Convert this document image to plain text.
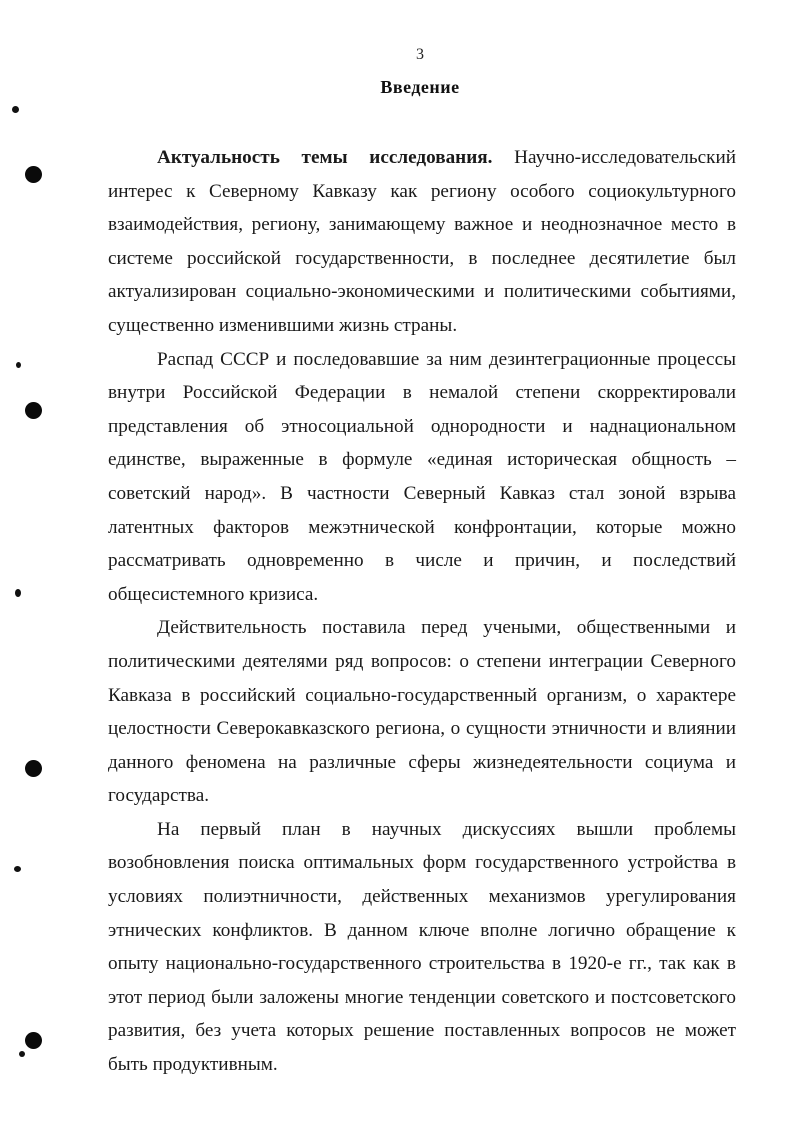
3
Введение

Актуальность темы исследования. Научно-исследовательский интерес к Северному Кавказу как региону особого социокультурного взаимодействия, региону, занимающему важное и неоднозначное место в системе российской государственности, в последнее десятилетие был актуализирован социально-экономическими и политическими событиями, существенно изменившими жизнь страны.

Распад СССР и последовавшие за ним дезинтеграционные процессы внутри Российской Федерации в немалой степени скорректировали представления об этносоциальной однородности и наднациональном единстве, выраженные в формуле «единая историческая общность – советский народ». В частности Северный Кавказ стал зоной взрыва латентных факторов межэтнической конфронтации, которые можно рассматривать одновременно в числе и причин, и последствий общесистемного кризиса.

Действительность поставила перед учеными, общественными и политическими деятелями ряд вопросов: о степени интеграции Северного Кавказа в российский социально-государственный организм, о характере целостности Северокавказского региона, о сущности этничности и влиянии данного феномена на различные сферы жизнедеятельности социума и государства.

На первый план в научных дискуссиях вышли проблемы возобновления поиска оптимальных форм государственного устройства в условиях полиэтничности, действенных механизмов урегулирования этнических конфликтов. В данном ключе вполне логично обращение к опыту национально-государственного строительства в 1920-е гг., так как в этот период были заложены многие тенденции советского и постсоветского развития, без учета которых решение поставленных вопросов не может быть продуктивным.
